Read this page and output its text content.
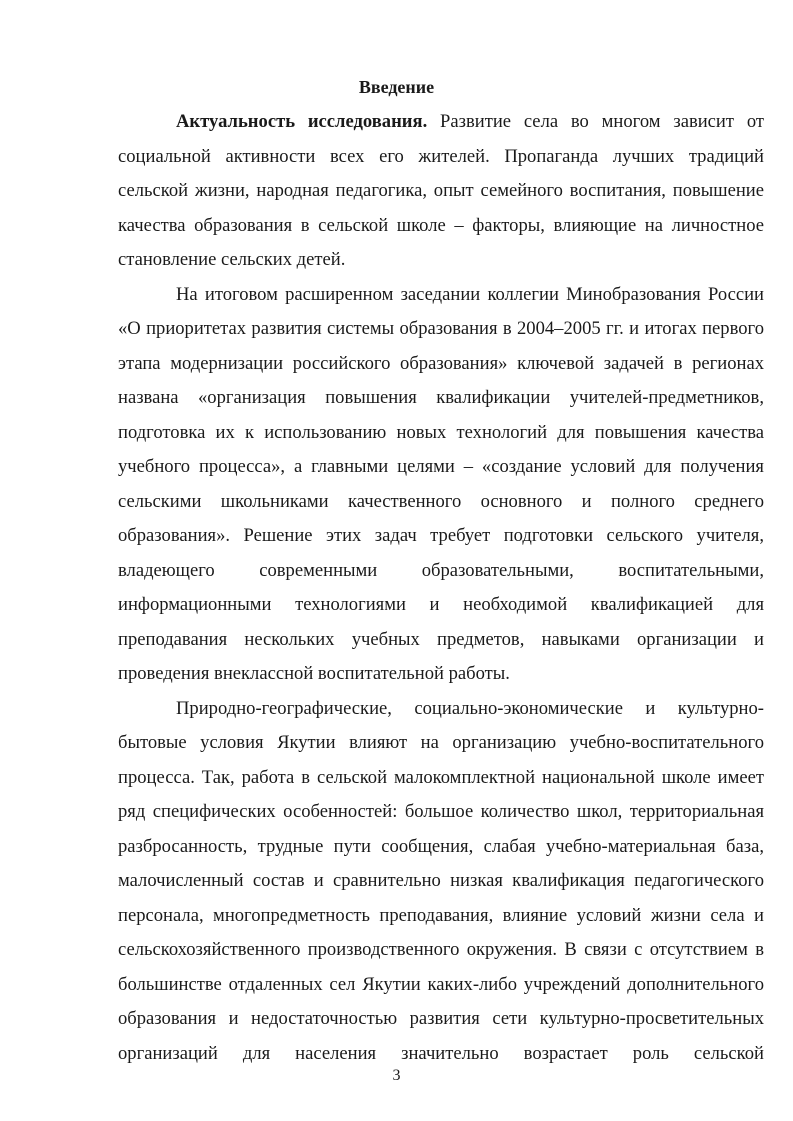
Введение

Актуальность исследования. Развитие села во многом зависит от социальной активности всех его жителей. Пропаганда лучших традиций сельской жизни, народная педагогика, опыт семейного воспитания, повышение качества образования в сельской школе – факторы, влияющие на личностное становление сельских детей.

На итоговом расширенном заседании коллегии Минобразования России «О приоритетах развития системы образования в 2004–2005 гг. и итогах первого этапа модернизации российского образования» ключевой задачей в регионах названа «организация повышения квалификации учителей-предметников, подготовка их к использованию новых технологий для повышения качества учебного процесса», а главными целями – «создание условий для получения сельскими школьниками качественного основного и полного среднего образования». Решение этих задач требует подготовки сельского учителя, владеющего современными образовательными, воспитательными, информационными технологиями и необходимой квалификацией для преподавания нескольких учебных предметов, навыками организации и проведения внеклассной воспитательной работы.

Природно-географические, социально-экономические и культурно-бытовые условия Якутии влияют на организацию учебно-воспитательного процесса. Так, работа в сельской малокомплектной национальной школе имеет ряд специфических особенностей: большое количество школ, территориальная разбросанность, трудные пути сообщения, слабая учебно-материальная база, малочисленный состав и сравнительно низкая квалификация педагогического персонала, многопредметность преподавания, влияние условий жизни села и сельскохозяйственного производственного окружения. В связи с отсутствием в большинстве отдаленных сел Якутии каких-либо учреждений дополнительного образования и недостаточностью развития сети культурно-просветительных организаций для населения значительно возрастает роль сельской

3
